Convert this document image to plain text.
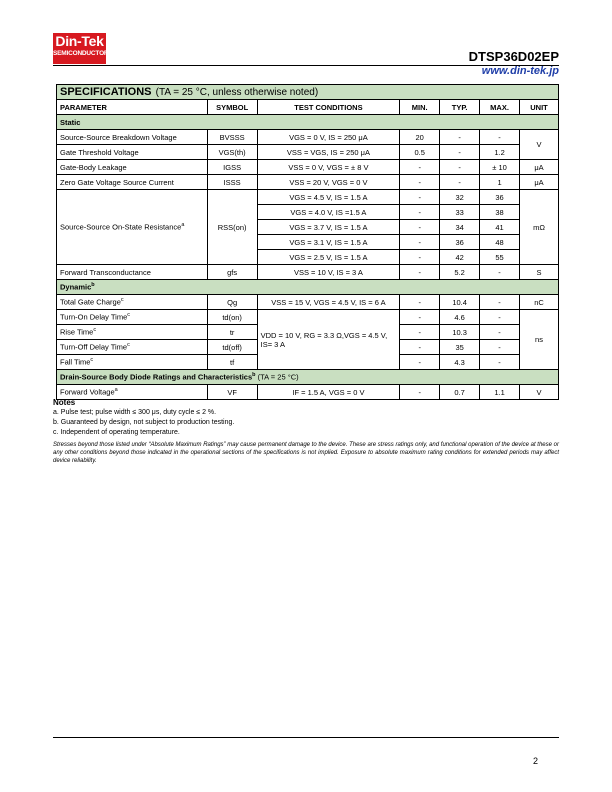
Din-Tek
SEMICONDUCTOR	DTSP36D02EP
www.din-tek.jp
SPECIFICATIONS (TA = 25 °C, unless otherwise noted)						
PARAMETER	SYMBOL	TEST CONDITIONS	MIN.	TYP.	MAX.	UNIT
Static						
Source-Source Breakdown Voltage	BVSSS	VGS = 0 V, IS = 250 μA	20	-	-	V
Gate Threshold Voltage	VGS(th)	VSS = VGS, IS = 250 μA	0.5	-	1.2	
Gate-Body Leakage	IGSS	VSS = 0 V, VGS = ± 8 V	-	-	± 10	μA
Zero Gate Voltage Source Current	ISSS	VSS = 20 V, VGS = 0 V	-	-	1	μA
Source-Source On-State Resistance$^a$	RSS(on)	VGS = 4.5 V, IS = 1.5 A	-	32	36	mΩ
		VGS = 4.0 V, IS =1.5 A	-	33	38	
		VGS = 3.7 V, IS = 1.5 A	-	34	41	
		VGS = 3.1 V, IS = 1.5 A	-	36	48	
		VGS = 2.5 V, IS = 1.5 A	-	42	55	
Forward Transconductance	gfs	VSS = 10 V, IS = 3 A	-	5.2	-	S
Dynamic$^b$
Total Gate Charge$^c$	Qg	VSS = 15 V, VGS = 4.5 V, IS = 6 A	-	10.4	-	nC
Turn-On Delay Time$^c$	td(on)	VDD = 10 V, RG = 3.3 Ω,VGS = 4.5 V, IS= 3 A	-	4.6	-	ns
Rise Time$^c$	tr		-	10.3	-	
Turn-Off Delay Time$^c$	td(off)		-	35	-	
Fall Time$^c$	tf		-	4.3	-	
Drain-Source Body Diode Ratings and Characteristics$^b$ (TA = 25 °C)						
Forward Voltage$^a$	VF	IF = 1.5 A, VGS = 0 V	-	0.7	1.1	V
Notes
a. Pulse test; pulse width ≤ 300 μs, duty cycle ≤ 2 %.
b. Guaranteed by design, not subject to production testing.
c. Independent of operating temperature.
Stresses beyond those listed under “Absolute Maximum Ratings” may cause permanent damage to the device. These are stress ratings only, and functional operation of the device at these or any other conditions beyond those indicated in the operational sections of the specifications is not implied. Exposure to absolute maximum rating conditions for extended periods may affect device reliability.
2
